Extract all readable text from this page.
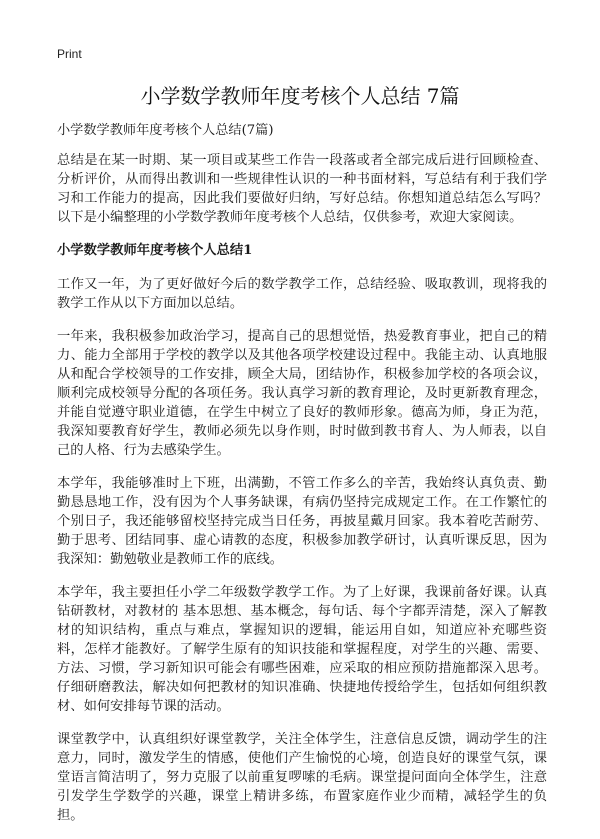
Print
小学数学教师年度考核个人总结 7篇

小学数学教师年度考核个人总结(7篇)

总结是在某一时期、某一项目或某些工作告一段落或者全部完成后进行回顾检查、分析评价，从而得出教训和一些规律性认识的一种书面材料，写总结有利于我们学习和工作能力的提高，因此我们要做好归纳，写好总结。你想知道总结怎么写吗？以下是小编整理的小学数学教师年度考核个人总结，仅供参考，欢迎大家阅读。

小学数学教师年度考核个人总结1

工作又一年，为了更好做好今后的数学教学工作，总结经验、吸取教训，现将我的教学工作从以下方面加以总结。

一年来，我积极参加政治学习，提高自己的思想觉悟，热爱教育事业，把自己的精力、能力全部用于学校的教学以及其他各项学校建设过程中。我能主动、认真地服从和配合学校领导的工作安排，顾全大局，团结协作，积极参加学校的各项会议，顺利完成校领导分配的各项任务。我认真学习新的教育理论，及时更新教育理念，并能自觉遵守职业道德，在学生中树立了良好的教师形象。德高为师，身正为范，我深知要教育好学生，教师必须先以身作则，时时做到教书育人、为人师表，以自己的人格、行为去感染学生。

本学年，我能够准时上下班，出满勤，不管工作多么的辛苦，我始终认真负责、勤勤恳恳地工作，没有因为个人事务缺课，有病仍坚持完成规定工作。在工作繁忙的个别日子，我还能够留校坚持完成当日任务，再披星戴月回家。我本着吃苦耐劳、勤于思考、团结同事、虚心请教的态度，积极参加教学研讨，认真听课反思，因为我深知：勤勉敬业是教师工作的底线。

本学年，我主要担任小学二年级数学教学工作。为了上好课，我课前备好课。认真钻研教材，对教材的 基本思想、基本概念，每句话、每个字都弄清楚，深入了解教材的知识结构，重点与难点，掌握知识的逻辑，能运用自如，知道应补充哪些资料，怎样才能教好。了解学生原有的知识技能和掌握程度，对学生的兴趣、需要、方法、习惯，学习新知识可能会有哪些困难，应采取的相应预防措施都深入思考。仔细研磨教法，解决如何把教材的知识准确、快捷地传授给学生，包括如何组织教材、如何安排每节课的活动。

课堂教学中，认真组织好课堂教学，关注全体学生，注意信息反馈，调动学生的注意力，同时，激发学生的情感，使他们产生愉悦的心境，创造良好的课堂气氛，课堂语言简洁明了，努力克服了以前重复啰嗦的毛病。课堂提问面向全体学生，注意引发学生学数学的兴趣，课堂上精讲多练，布置家庭作业少而精，减轻学生的负担。
